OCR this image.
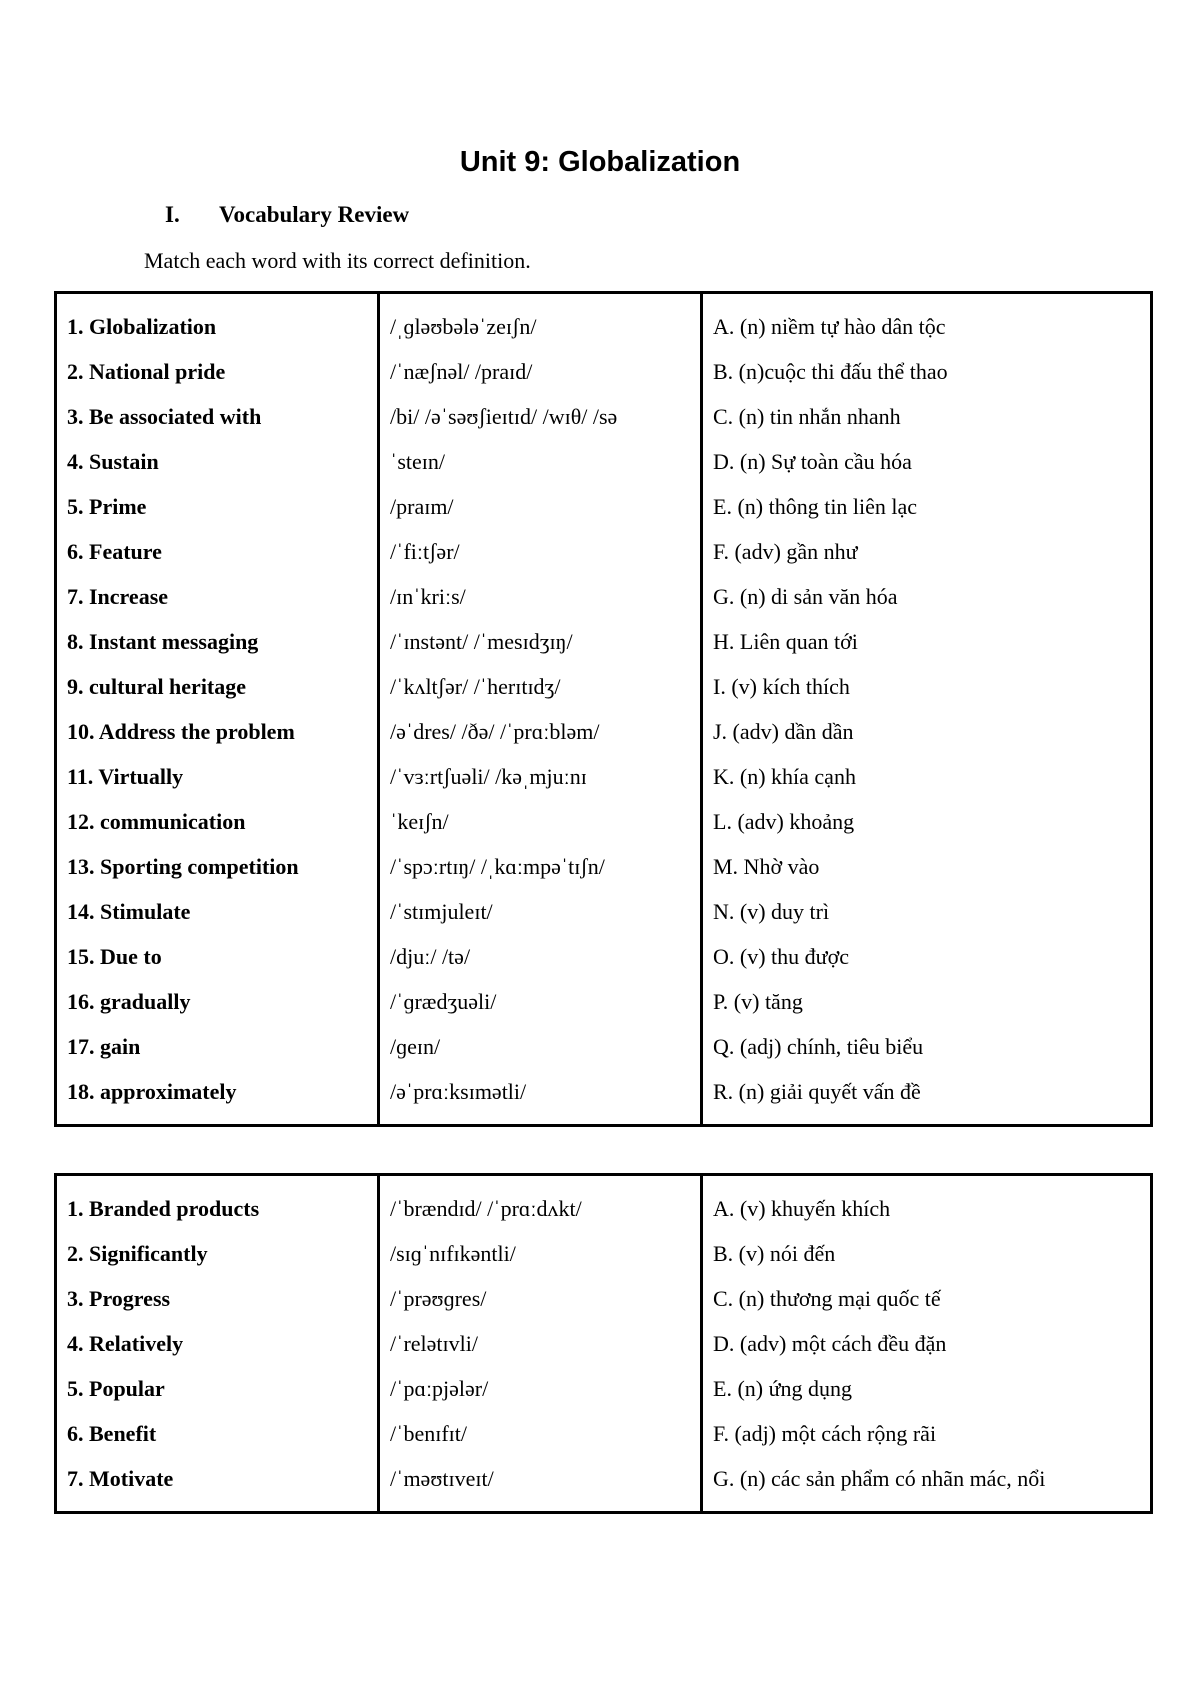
Unit 9: Globalization
I. Vocabulary Review
Match each word with its correct definition.
1. Globalization	/ˌɡləʊbələˈzeɪʃn/	A. (n) niềm tự hào dân tộc
2. National pride	/ˈnæʃnəl/ /praɪd/	B. (n)cuộc thi đấu thể thao
3. Be associated with	/bi/ /əˈsəʊʃieɪtɪd/ /wɪθ/ /sə	C. (n) tin nhắn nhanh
4. Sustain	ˈsteɪn/	D. (n) Sự toàn cầu hóa
5. Prime	/praɪm/	E. (n) thông tin liên lạc
6. Feature	/ˈfiːtʃər/	F. (adv) gần như
7. Increase	/ɪnˈkriːs/	G. (n) di sản văn hóa
8. Instant messaging	/ˈɪnstənt/ /ˈmesɪdʒɪŋ/	H. Liên quan tới
9. cultural heritage	/ˈkʌltʃər/ /ˈherɪtɪdʒ/	I. (v) kích thích
10. Address the problem	/əˈdres/ /ðə/ /ˈprɑːbləm/	J. (adv) dần dần
11. Virtually	/ˈvɜːrtʃuəli/ /kəˌmjuːnɪ	K. (n) khía cạnh
12. communication	ˈkeɪʃn/	L. (adv) khoảng
13. Sporting competition	/ˈspɔːrtɪŋ/ /ˌkɑːmpəˈtɪʃn/	M. Nhờ vào
14. Stimulate	/ˈstɪmjuleɪt/	N. (v) duy trì
15. Due to	/djuː/ /tə/	O. (v) thu được
16. gradually	/ˈɡrædʒuəli/	P. (v) tăng
17. gain	/ɡeɪn/	Q. (adj) chính, tiêu biểu
18. approximately	/əˈprɑːksɪmətli/	R. (n) giải quyết vấn đề
1. Branded products	/ˈbrændɪd/ /ˈprɑːdʌkt/	A. (v) khuyến khích
2. Significantly	/sɪɡˈnɪfɪkəntli/	B. (v) nói đến
3. Progress	/ˈprəʊɡres/	C. (n) thương mại quốc tế
4. Relatively	/ˈrelətɪvli/	D. (adv) một cách đều đặn
5. Popular	/ˈpɑːpjələr/	E. (n) ứng dụng
6. Benefit	/ˈbenɪfɪt/	F. (adj) một cách rộng rãi
7. Motivate	/ˈməʊtɪveɪt/	G. (n) các sản phẩm có nhãn mác, nổi
